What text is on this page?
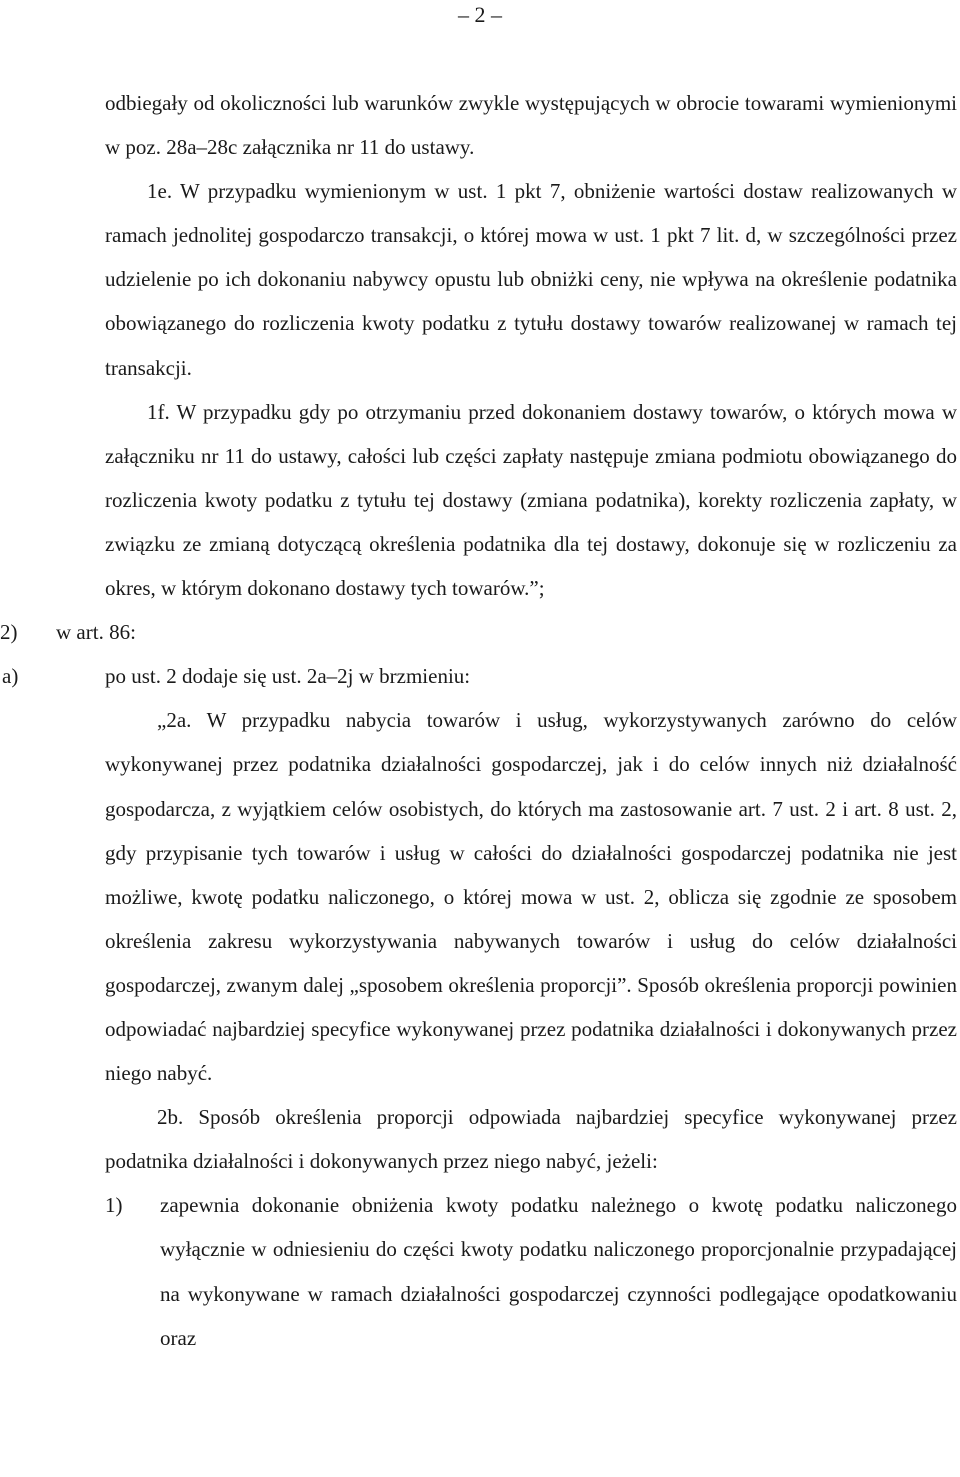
‒ 2 ‒

odbiegały od okoliczności lub warunków zwykle występujących w obrocie towarami wymienionymi w poz. 28a–28c załącznika nr 11 do ustawy.

1e. W przypadku wymienionym w ust. 1 pkt 7, obniżenie wartości dostaw realizowanych w ramach jednolitej gospodarczo transakcji, o której mowa w ust. 1 pkt 7 lit. d, w szczególności przez udzielenie po ich dokonaniu nabywcy opustu lub obniżki ceny, nie wpływa na określenie podatnika obowiązanego do rozliczenia kwoty podatku z tytułu dostawy towarów realizowanej w ramach tej transakcji.

1f. W przypadku gdy po otrzymaniu przed dokonaniem dostawy towarów, o których mowa w załączniku nr 11 do ustawy, całości lub części zapłaty następuje zmiana podmiotu obowiązanego do rozliczenia kwoty podatku z tytułu tej dostawy (zmiana podatnika), korekty rozliczenia zapłaty, w związku ze zmianą dotyczącą określenia podatnika dla tej dostawy, dokonuje się w rozliczeniu za okres, w którym dokonano dostawy tych towarów.”;

2)	w art. 86:
a)	po ust. 2 dodaje się ust. 2a–2j w brzmieniu:

„2a. W przypadku nabycia towarów i usług, wykorzystywanych zarówno do celów wykonywanej przez podatnika działalności gospodarczej, jak i do celów innych niż działalność gospodarcza, z wyjątkiem celów osobistych, do których ma zastosowanie art. 7 ust. 2 i art. 8 ust. 2, gdy przypisanie tych towarów i usług w całości do działalności gospodarczej podatnika nie jest możliwe, kwotę podatku naliczonego, o której mowa w ust. 2, oblicza się zgodnie ze sposobem określenia zakresu wykorzystywania nabywanych towarów i usług do celów działalności gospodarczej, zwanym dalej „sposobem określenia proporcji”. Sposób określenia proporcji powinien odpowiadać najbardziej specyfice wykonywanej przez podatnika działalności i dokonywanych przez niego nabyć.

2b. Sposób określenia proporcji odpowiada najbardziej specyfice wykonywanej przez podatnika działalności i dokonywanych przez niego nabyć, jeżeli:

1)	zapewnia dokonanie obniżenia kwoty podatku należnego o kwotę podatku naliczonego wyłącznie w odniesieniu do części kwoty podatku naliczonego proporcjonalnie przypadającej na wykonywane w ramach działalności gospodarczej czynności podlegające opodatkowaniu oraz
